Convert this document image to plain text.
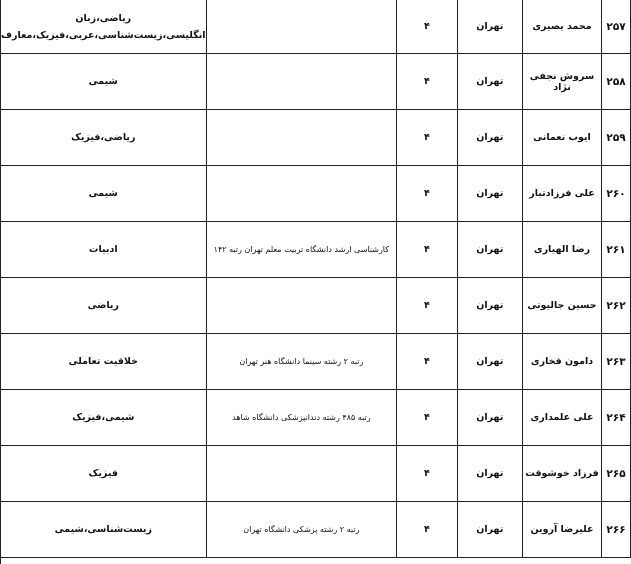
۲۵۷	محمد یصیری	تهران	۴		ریاضی،زبان
انگلیسی،زیست‌شناسی،عربی،فیزیک،معارف

۲۵۸	سروش نجفی نژاد	تهران	۴		شیمی

۲۵۹	ایوب نعمانی	تهران	۴		ریاضی،فیزیک

۲۶۰	علی فرزادتبار	تهران	۴		شیمی

۲۶۱	رضا الهیاری	تهران	۴	کارشناسی ارشد دانشگاه تربیت معلم تهران رتبه ۱۴۲	ادبیات

۲۶۲	حسین جالیوتی	تهران	۴		ریاضی

۲۶۳	دامون فخاری	تهران	۴	رتبه ۲ رشته سینما دانشگاه هنر تهران	خلاقیت تعاملی

۲۶۴	علی علمداری	تهران	۴	رتبه ۴۸۵ رشته دندانپزشکی دانشگاه شاهد	شیمی،فیزیک

۲۶۵	فرزاد خوشوقت	تهران	۴		فیزیک

۲۶۶	علیرضا آروین	تهران	۴	رتبه ۲ رشته پزشکی دانشگاه تهران	زیست‌شناسی،شیمی
